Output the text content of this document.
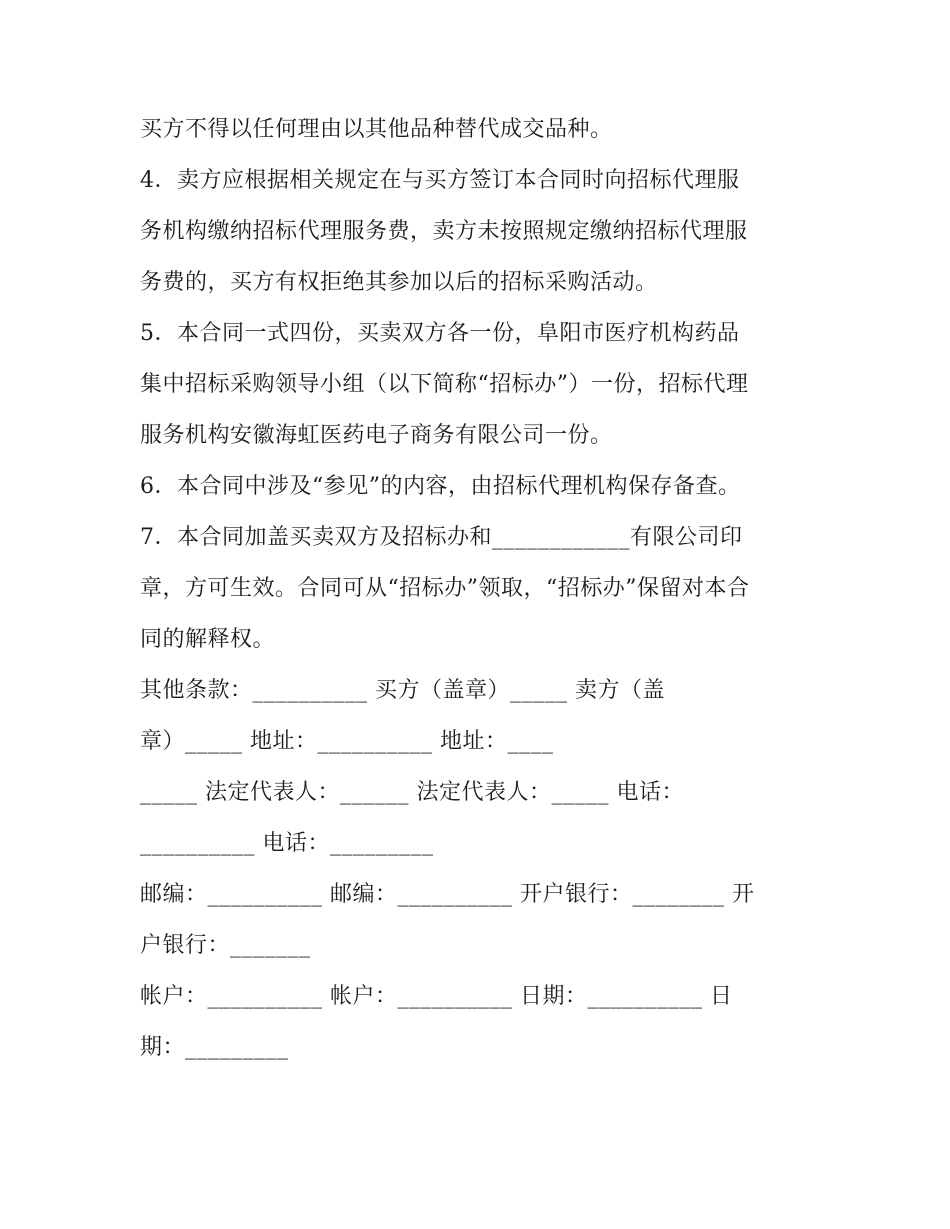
买方不得以任何理由以其他品种替代成交品种。
4．卖方应根据相关规定在与买方签订本合同时向招标代理服
务机构缴纳招标代理服务费，卖方未按照规定缴纳招标代理服
务费的，买方有权拒绝其参加以后的招标采购活动。
5．本合同一式四份，买卖双方各一份，阜阳市医疗机构药品
集中招标采购领导小组（以下简称“招标办”）一份，招标代理
服务机构安徽海虹医药电子商务有限公司一份。
6．本合同中涉及“参见”的内容，由招标代理机构保存备查。
7．本合同加盖买卖双方及招标办和____________有限公司印
章，方可生效。合同可从“招标办”领取，“招标办”保留对本合
同的解释权。
其他条款：__________ 买方（盖章）_____ 卖方（盖
章）_____ 地址：__________ 地址：____
_____ 法定代表人：______ 法定代表人：_____ 电话：
__________ 电话：_________
邮编：__________ 邮编：__________ 开户银行：________ 开
户银行：_______
帐户：__________ 帐户：__________ 日期：__________ 日
期：_________
